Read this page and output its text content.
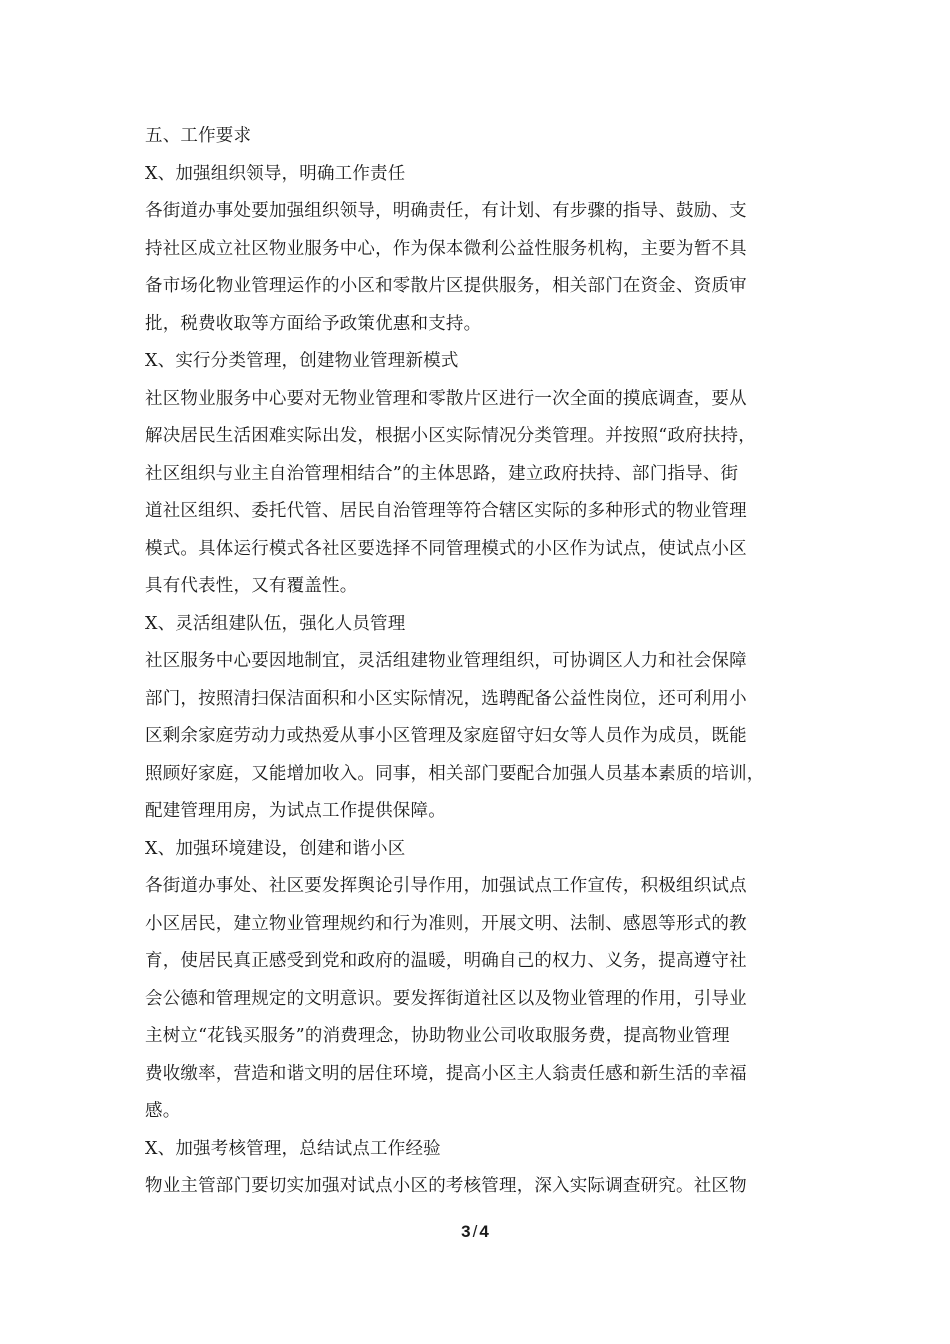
五、工作要求
X、加强组织领导，明确工作责任
各街道办事处要加强组织领导，明确责任，有计划、有步骤的指导、鼓励、支
持社区成立社区物业服务中心，作为保本微利公益性服务机构，主要为暂不具
备市场化物业管理运作的小区和零散片区提供服务，相关部门在资金、资质审
批，税费收取等方面给予政策优惠和支持。
X、实行分类管理，创建物业管理新模式
社区物业服务中心要对无物业管理和零散片区进行一次全面的摸底调查，要从
解决居民生活困难实际出发，根据小区实际情况分类管理。并按照“政府扶持，
社区组织与业主自治管理相结合”的主体思路，建立政府扶持、部门指导、街
道社区组织、委托代管、居民自治管理等符合辖区实际的多种形式的物业管理
模式。具体运行模式各社区要选择不同管理模式的小区作为试点，使试点小区
具有代表性，又有覆盖性。
X、灵活组建队伍，强化人员管理
社区服务中心要因地制宜，灵活组建物业管理组织，可协调区人力和社会保障
部门，按照清扫保洁面积和小区实际情况，选聘配备公益性岗位，还可利用小
区剩余家庭劳动力或热爱从事小区管理及家庭留守妇女等人员作为成员，既能
照顾好家庭，又能增加收入。同事，相关部门要配合加强人员基本素质的培训，
配建管理用房，为试点工作提供保障。
X、加强环境建设，创建和谐小区
各街道办事处、社区要发挥舆论引导作用，加强试点工作宣传，积极组织试点
小区居民，建立物业管理规约和行为准则，开展文明、法制、感恩等形式的教
育，使居民真正感受到党和政府的温暖，明确自己的权力、义务，提高遵守社
会公德和管理规定的文明意识。要发挥街道社区以及物业管理的作用，引导业
主树立“花钱买服务”的消费理念，协助物业公司收取服务费，提高物业管理
费收缴率，营造和谐文明的居住环境，提高小区主人翁责任感和新生活的幸福
感。
X、加强考核管理，总结试点工作经验
物业主管部门要切实加强对试点小区的考核管理，深入实际调查研究。社区物
3 / 4
